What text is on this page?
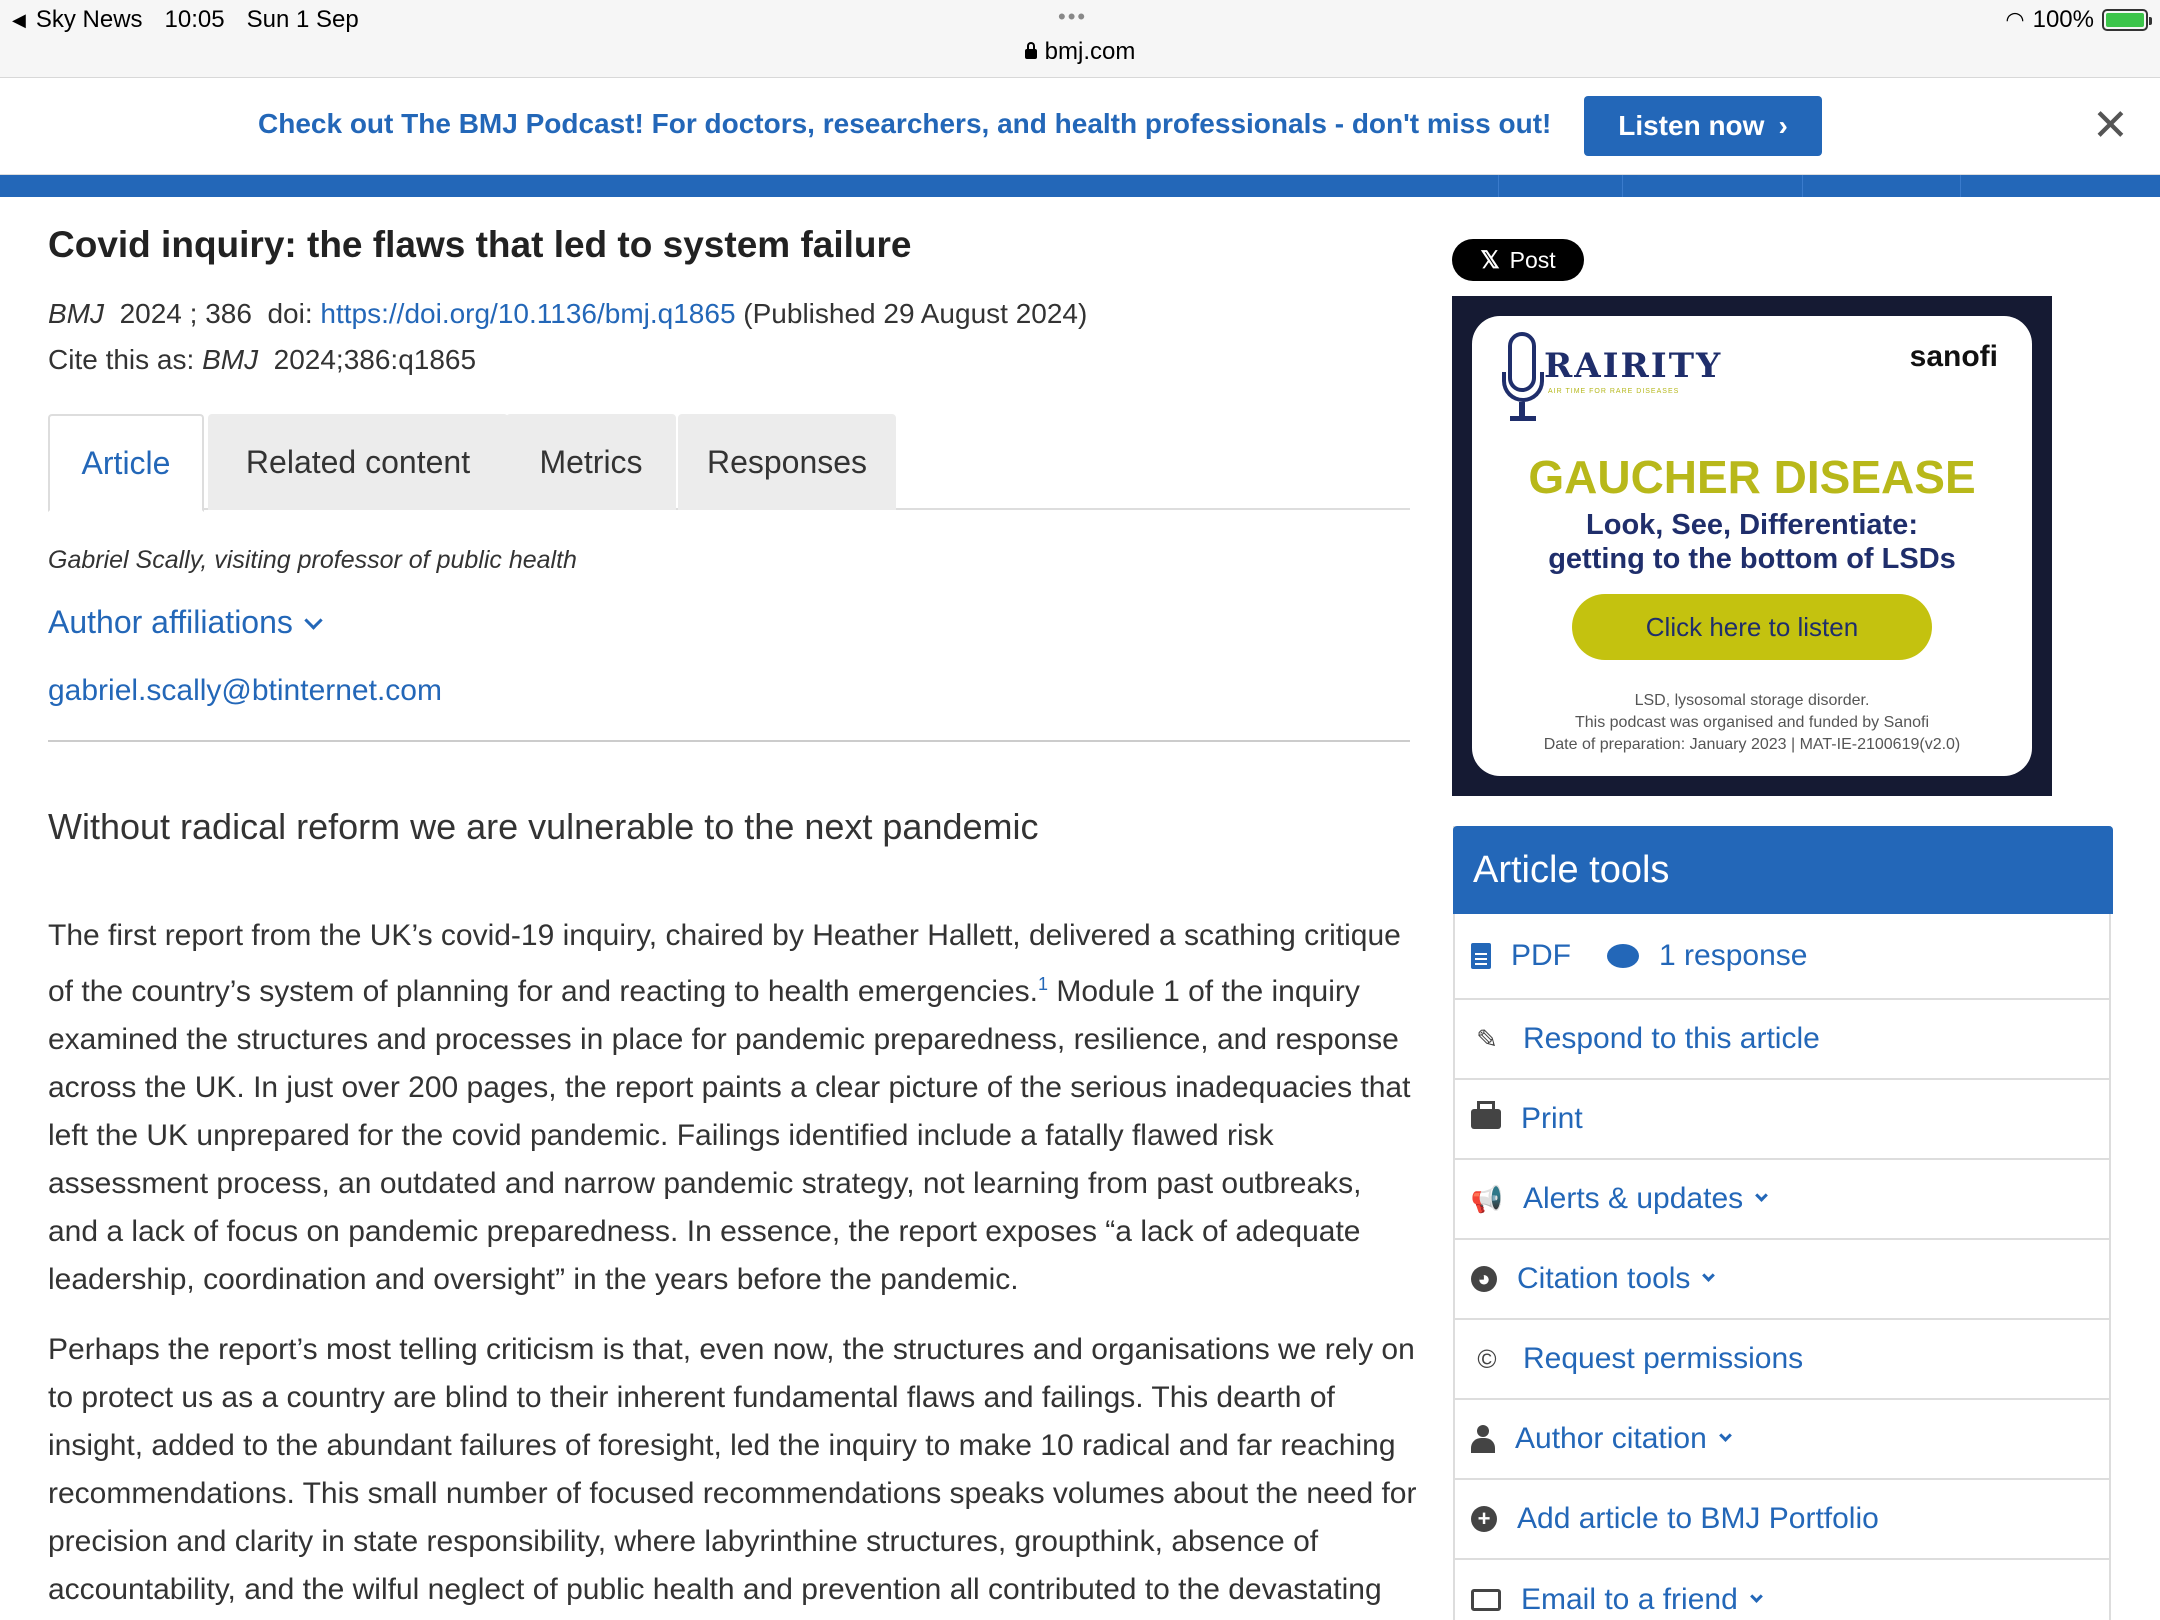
◀ Sky News 10:05 Sun 1 Sep	•••
bmj.com
◠ 100%
Check out The BMJ Podcast! For doctors, researchers, and health professionals - don't miss out! Listen now ›	✕
Covid inquiry: the flaws that led to system failure
BMJ 2024 ; 386 doi: https://doi.org/10.1136/bmj.q1865 (Published 29 August 2024)
Cite this as: BMJ 2024;386:q1865
Article	Related content	Metrics	Responses
Gabriel Scally, visiting professor of public health
Author affiliations
gabriel.scally@btinternet.com
Without radical reform we are vulnerable to the next pandemic

The first report from the UK’s covid-19 inquiry, chaired by Heather Hallett, delivered a scathing critique of the country’s system of planning for and reacting to health emergencies.$^1$ Module 1 of the inquiry examined the structures and processes in place for pandemic preparedness, resilience, and response across the UK. In just over 200 pages, the report paints a clear picture of the serious inadequacies that left the UK unprepared for the covid pandemic. Failings identified include a fatally flawed risk assessment process, an outdated and narrow pandemic strategy, not learning from past outbreaks, and a lack of focus on pandemic preparedness. In essence, the report exposes “a lack of adequate leadership, coordination and oversight” in the years before the pandemic.

Perhaps the report’s most telling criticism is that, even now, the structures and organisations we rely on to protect us as a country are blind to their inherent fundamental flaws and failings. This dearth of insight, added to the abundant failures of foresight, led the inquiry to make 10 radical and far reaching recommendations. This small number of focused recommendations speaks volumes about the need for precision and clarity in state responsibility, where labyrinthine structures, groupthink, absence of accountability, and the wilful neglect of public health and prevention all contributed to the devastating

𝕏 Post
RAIRITY
AIR TIME FOR RARE DISEASES
sanofi
GAUCHER DISEASE
Look, See, Differentiate:
getting to the bottom of LSDs
Click here to listen
LSD, lysosomal storage disorder.
This podcast was organised and funded by Sanofi
Date of preparation: January 2023 | MAT-IE-2100619(v2.0)
Article tools
PDF	1 response
✎ Respond to this article
Print
📢 Alerts & updates
◕ Citation tools
© Request permissions
Author citation
+ Add article to BMJ Portfolio
Email to a friend
